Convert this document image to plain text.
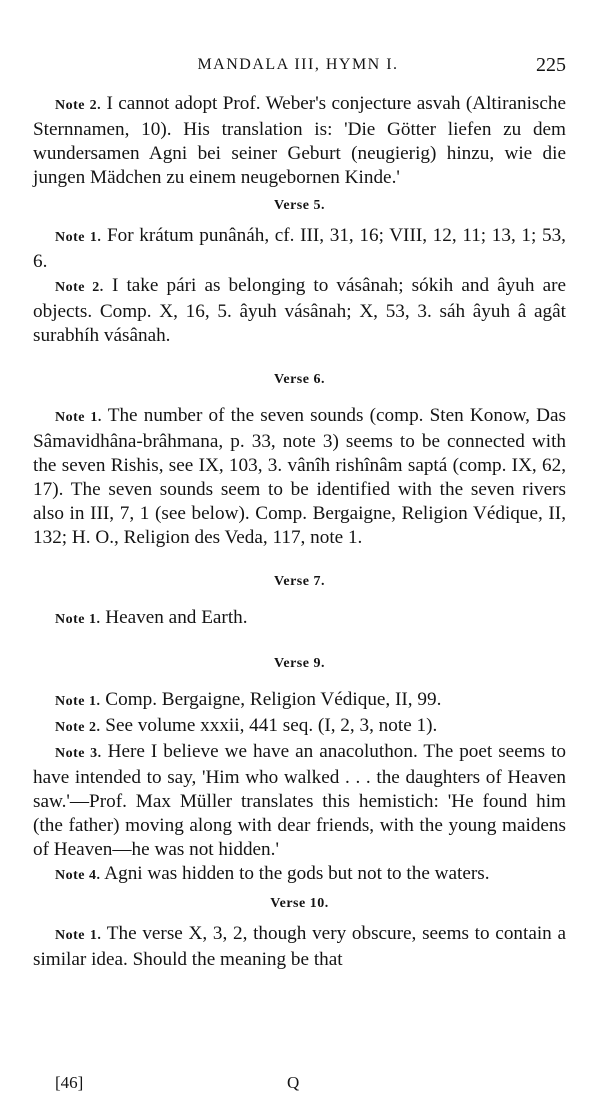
MANDALA III, HYMN I.	225

Note 2. I cannot adopt Prof. Weber's conjecture asvah (Altiranische Sternnamen, 10). His translation is: 'Die Götter liefen zu dem wundersamen Agni bei seiner Geburt (neugierig) hinzu, wie die jungen Mädchen zu einem neugebornen Kinde.'

Verse 5.

Note 1. For krátum punânáh, cf. III, 31, 16; VIII, 12, 11; 13, 1; 53, 6.

Note 2. I take pári as belonging to vásânah; sókih and âyuh are objects. Comp. X, 16, 5. âyuh vásânah; X, 53, 3. sáh âyuh â agât surabhíh vásânah.

Verse 6.

Note 1. The number of the seven sounds (comp. Sten Konow, Das Sâmavidhâna-brâhmana, p. 33, note 3) seems to be connected with the seven Rishis, see IX, 103, 3. vânîh rishînâm saptá (comp. IX, 62, 17). The seven sounds seem to be identified with the seven rivers also in III, 7, 1 (see below). Comp. Bergaigne, Religion Védique, II, 132; H. O., Religion des Veda, 117, note 1.

Verse 7.

Note 1. Heaven and Earth.

Verse 9.

Note 1. Comp. Bergaigne, Religion Védique, II, 99.

Note 2. See volume xxxii, 441 seq. (I, 2, 3, note 1).

Note 3. Here I believe we have an anacoluthon. The poet seems to have intended to say, 'Him who walked . . . the daughters of Heaven saw.'—Prof. Max Müller translates this hemistich: 'He found him (the father) moving along with dear friends, with the young maidens of Heaven—he was not hidden.'

Note 4. Agni was hidden to the gods but not to the waters.

Verse 10.

Note 1. The verse X, 3, 2, though very obscure, seems to contain a similar idea. Should the meaning be that

[46]	Q
